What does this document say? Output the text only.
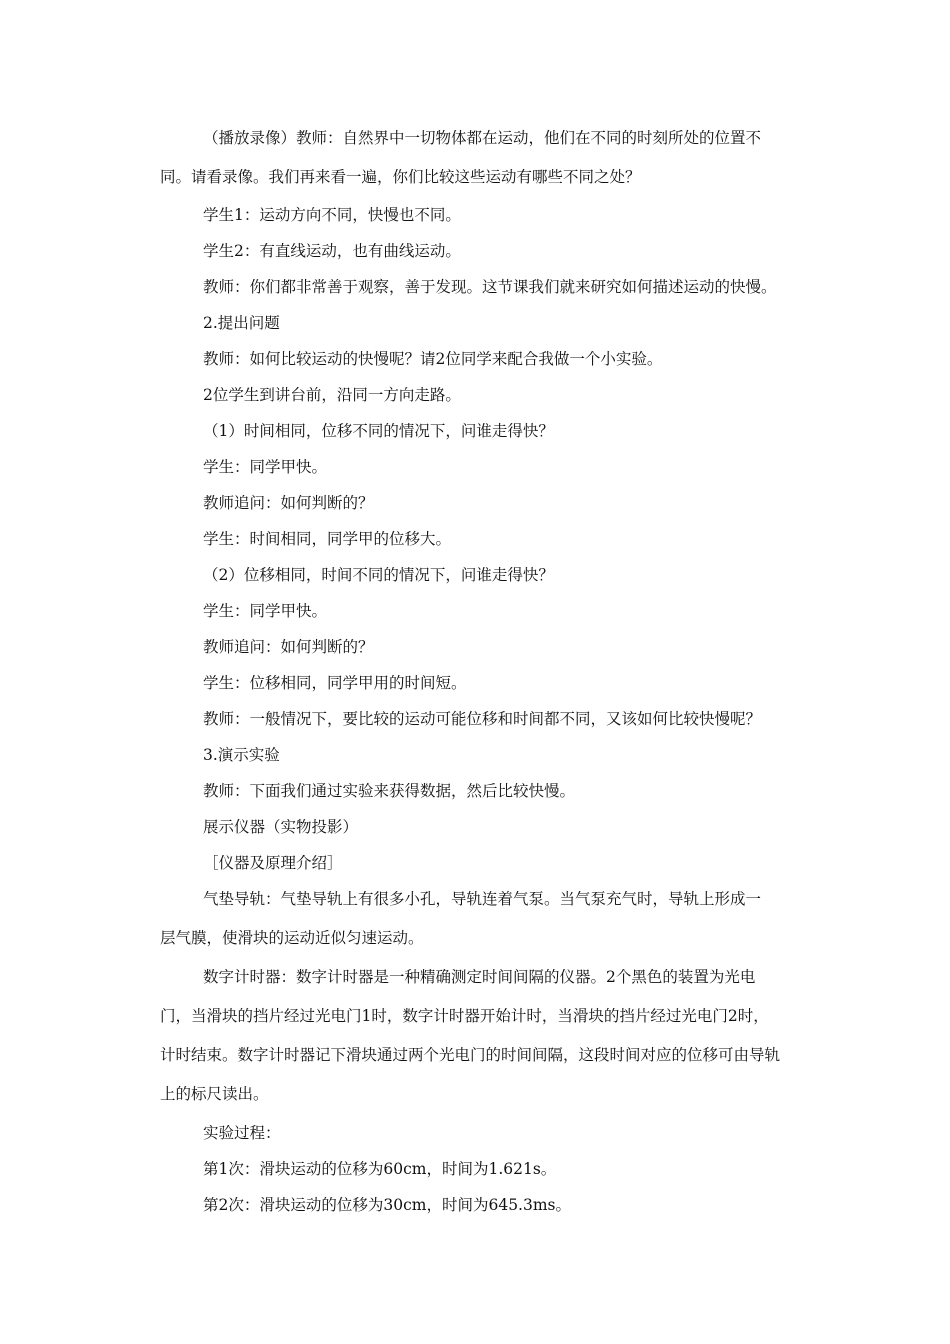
（播放录像）教师：自然界中一切物体都在运动，他们在不同的时刻所处的位置不
同。请看录像。我们再来看一遍，你们比较这些运动有哪些不同之处？
学生1：运动方向不同，快慢也不同。
学生2：有直线运动，也有曲线运动。
教师：你们都非常善于观察，善于发现。这节课我们就来研究如何描述运动的快慢。
2.提出问题
教师：如何比较运动的快慢呢？请2位同学来配合我做一个小实验。
2位学生到讲台前，沿同一方向走路。
（1）时间相同，位移不同的情况下，问谁走得快？
学生：同学甲快。
教师追问：如何判断的？
学生：时间相同，同学甲的位移大。
（2）位移相同，时间不同的情况下，问谁走得快？
学生：同学甲快。
教师追问：如何判断的？
学生：位移相同，同学甲用的时间短。
教师：一般情况下，要比较的运动可能位移和时间都不同，又该如何比较快慢呢？
3.演示实验
教师：下面我们通过实验来获得数据，然后比较快慢。
展示仪器（实物投影）
［仪器及原理介绍］
气垫导轨：气垫导轨上有很多小孔，导轨连着气泵。当气泵充气时，导轨上形成一
层气膜，使滑块的运动近似匀速运动。
数字计时器：数字计时器是一种精确测定时间间隔的仪器。2个黑色的装置为光电
门，当滑块的挡片经过光电门1时，数字计时器开始计时，当滑块的挡片经过光电门2时，
计时结束。数字计时器记下滑块通过两个光电门的时间间隔，这段时间对应的位移可由导轨
上的标尺读出。
实验过程：
第1次：滑块运动的位移为60cm，时间为1.621s。
第2次：滑块运动的位移为30cm，时间为645.3ms。
